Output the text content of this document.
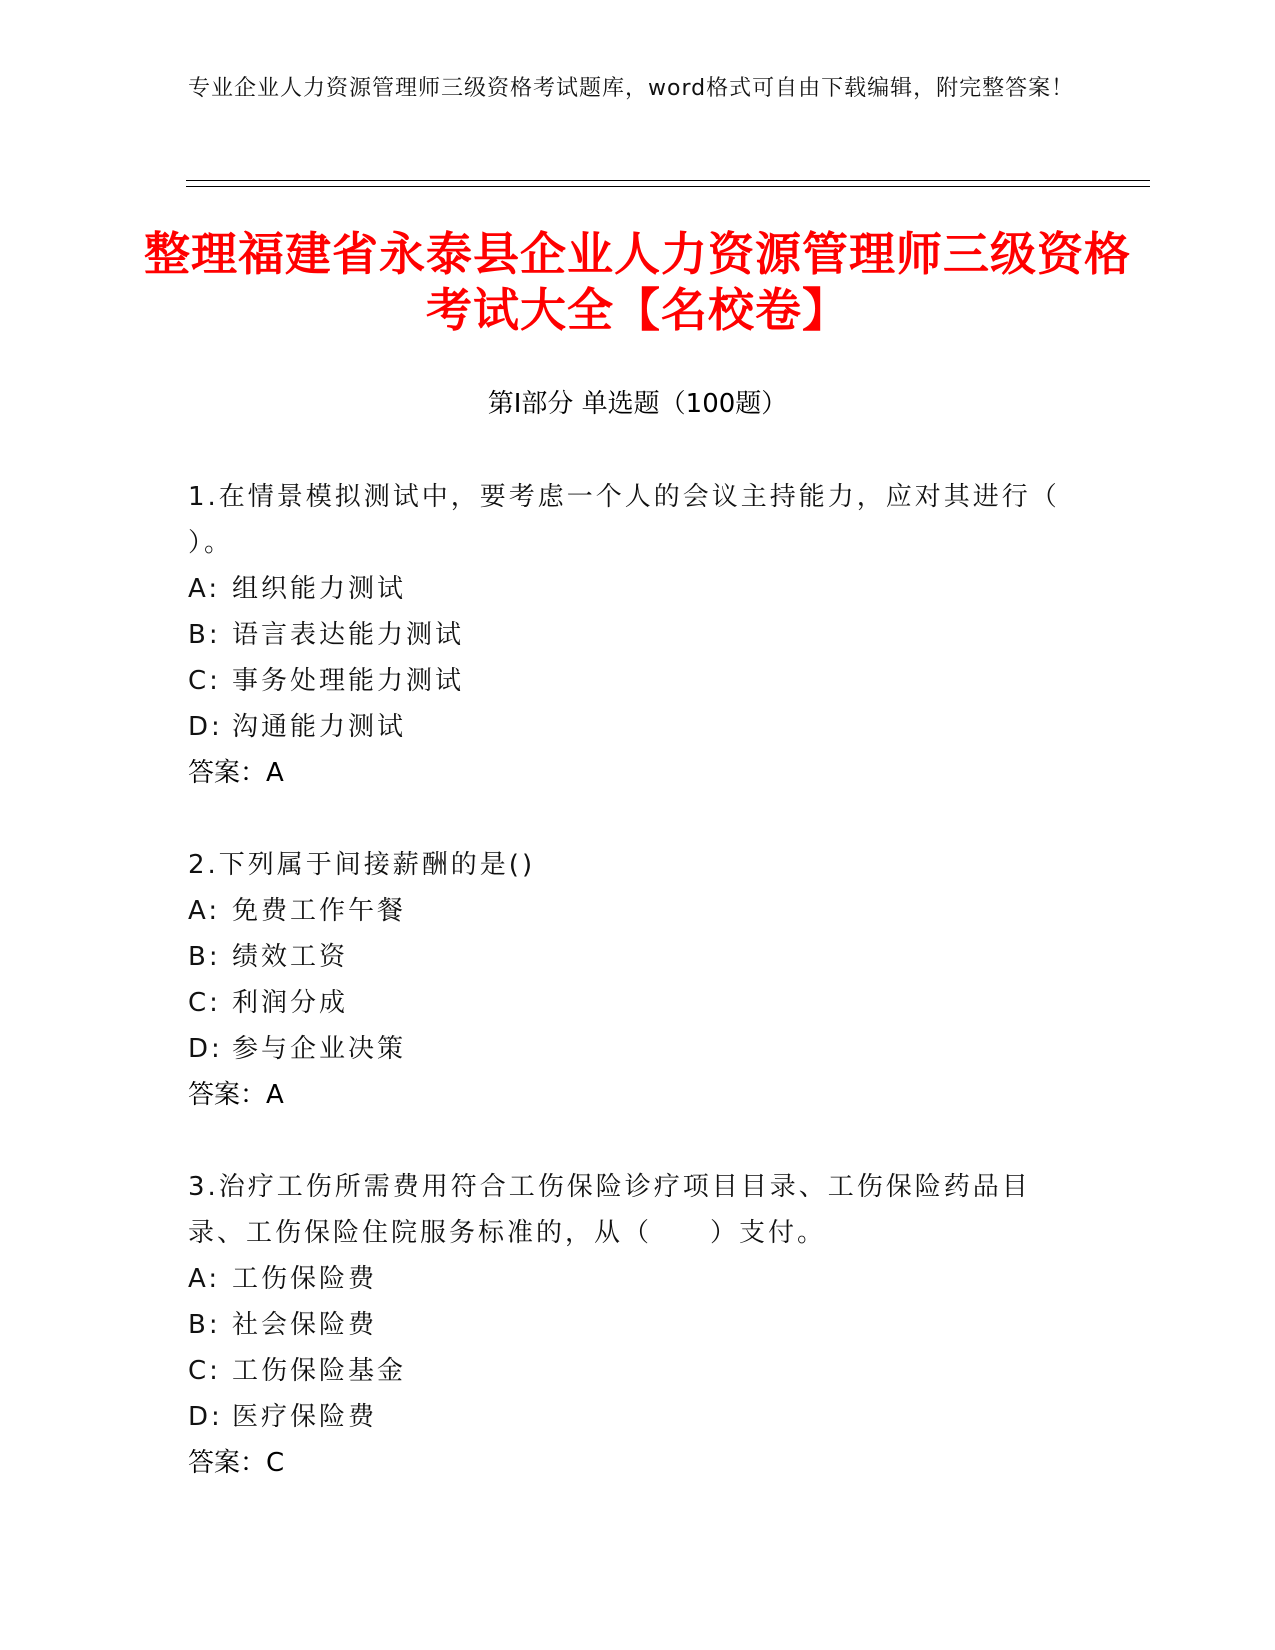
专业企业人力资源管理师三级资格考试题库，word格式可自由下载编辑，附完整答案！
整理福建省永泰县企业人力资源管理师三级资格考试大全【名校卷】
第I部分 单选题（100题）
1.在情景模拟测试中，要考虑一个人的会议主持能力，应对其进行（ ）。
A: 组织能力测试
B: 语言表达能力测试
C: 事务处理能力测试
D: 沟通能力测试
答案：A
2.下列属于间接薪酬的是()
A: 免费工作午餐
B: 绩效工资
C: 利润分成
D: 参与企业决策
答案：A
3.治疗工伤所需费用符合工伤保险诊疗项目目录、工伤保险药品目录、工伤保险住院服务标准的，从（　　）支付。
A: 工伤保险费
B: 社会保险费
C: 工伤保险基金
D: 医疗保险费
答案：C
